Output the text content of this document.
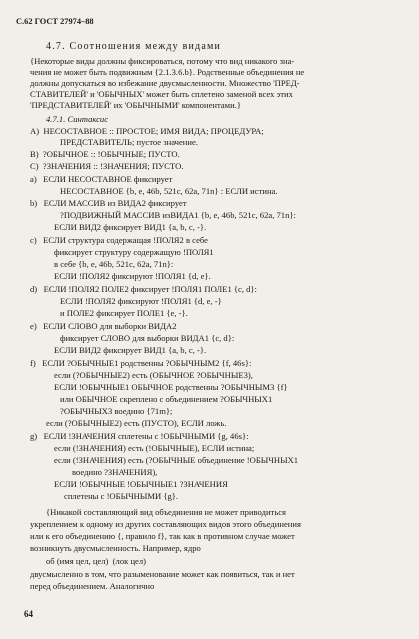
С.62 ГОСТ 27974–88
4.7. Соотношения между видами
{Некоторые виды должны фиксироваться, потому что вид никакого зна-
чения не может быть подвижным {2.1.3.6.b}. Родственные объединения не
должны допускаться во избежание двусмысленности. Множество 'ПРЕД-
СТАВИТЕЛЕЙ' и 'ОБЫЧНЫХ' может быть сплетено заменой всех этих
'ПРЕДСТАВИТЕЛЕЙ' их 'ОБЫЧНЫМИ' компонентами.}
4.7.1. Синтаксис
A)  НЕСОСТАВНОЕ :: ПРОСТОЕ; ИМЯ ВИДА; ПРОЦЕДУРА;
ПРЕДСТАВИТЕЛЬ; пустое значение.
B)  ?ОБЫЧНОЕ :: !ОБЫЧНЫЕ; ПУСТО.
C)  ?ЗНАЧЕНИЯ :: !ЗНАЧЕНИЯ; ПУСТО.
a)   ЕСЛИ НЕСОСТАВНОЕ фиксирует
НЕСОСТАВНОЕ {b, e, 46b, 521c, 62a, 71n} : ЕСЛИ истина.
b)   ЕСЛИ МАССИВ из ВИДА2 фиксирует
?ПОДВИЖНЫЙ МАССИВ изВИДА1 {b, e, 46b, 521c, 62a, 71n}:
ЕСЛИ ВИД2 фиксирует ВИД1 {a, b, c, -}.
c)   ЕСЛИ структура содержащая !ПОЛЯ2 в себе
фиксирует структуру содержащую !ПОЛЯ1
в себе {b, e, 46b, 521c, 62a, 71n}:
ЕСЛИ !ПОЛЯ2 фиксируют !ПОЛЯ1 {d, e}.
d)   ЕСЛИ !ПОЛЯ2 ПОЛЕ2 фиксирует !ПОЛЯ1 ПОЛЕ1 {c, d}:
ЕСЛИ !ПОЛЯ2 фиксируют !ПОЛЯ1 {d, e, -}
и ПОЛЕ2 фиксирует ПОЛЕ1 {e, -}.
e)   ЕСЛИ СЛОВО для выборки ВИДА2
фиксирует СЛОВО для выборки ВИДА1 {c, d}:
ЕСЛИ ВИД2 фиксирует ВИД1 {a, b, c, -}.
f)   ЕСЛИ ?ОБЫЧНЫЕ1 родственны ?ОБЫЧНЫМ2 {f, 46s}:
если (?ОБЫЧНЫЕ2) есть (ОБЫЧНОЕ ?ОБЫЧНЫЕ3),
ЕСЛИ !ОБЫЧНЫЕ1 ОБЫЧНОЕ родственны ?ОБЫЧНЫМ3 {f}
или ОБЫЧНОЕ скреплено с объединением ?ОБЫЧНЫХ1
?ОБЫЧНЫХ3 воедино {71m};
если (?ОБЫЧНЫЕ2) есть (ПУСТО), ЕСЛИ ложь.
g)   ЕСЛИ !ЗНАЧЕНИЯ сплетены с !ОБЫЧНЫМИ {g, 46s}:
если (!ЗНАЧЕНИЯ) есть (!ОБЫЧНЫЕ), ЕСЛИ истина;
если (!ЗНАЧЕНИЯ) есть (?ОБЫЧНЫЕ объединение !ОБЫЧНЫХ1
воедино ?ЗНАЧЕНИЯ),
ЕСЛИ !ОБЫЧНЫЕ !ОБЫЧНЫЕ1 ?ЗНАЧЕНИЯ
сплетены с !ОБЫЧНЫМИ {g}.
{Никакой составляющий вид объединения не может приводиться
укреплением к одному из других составляющих видов этого объединения
или к его объединению {, правило f}, так как в противном случае может
возникнуть двусмысленность. Например, ядро
об (имя цел, цел)  (лок цел)
двусмысленно в том, что разыменование может как появиться, так и нет
перед объединением. Аналогично
64
